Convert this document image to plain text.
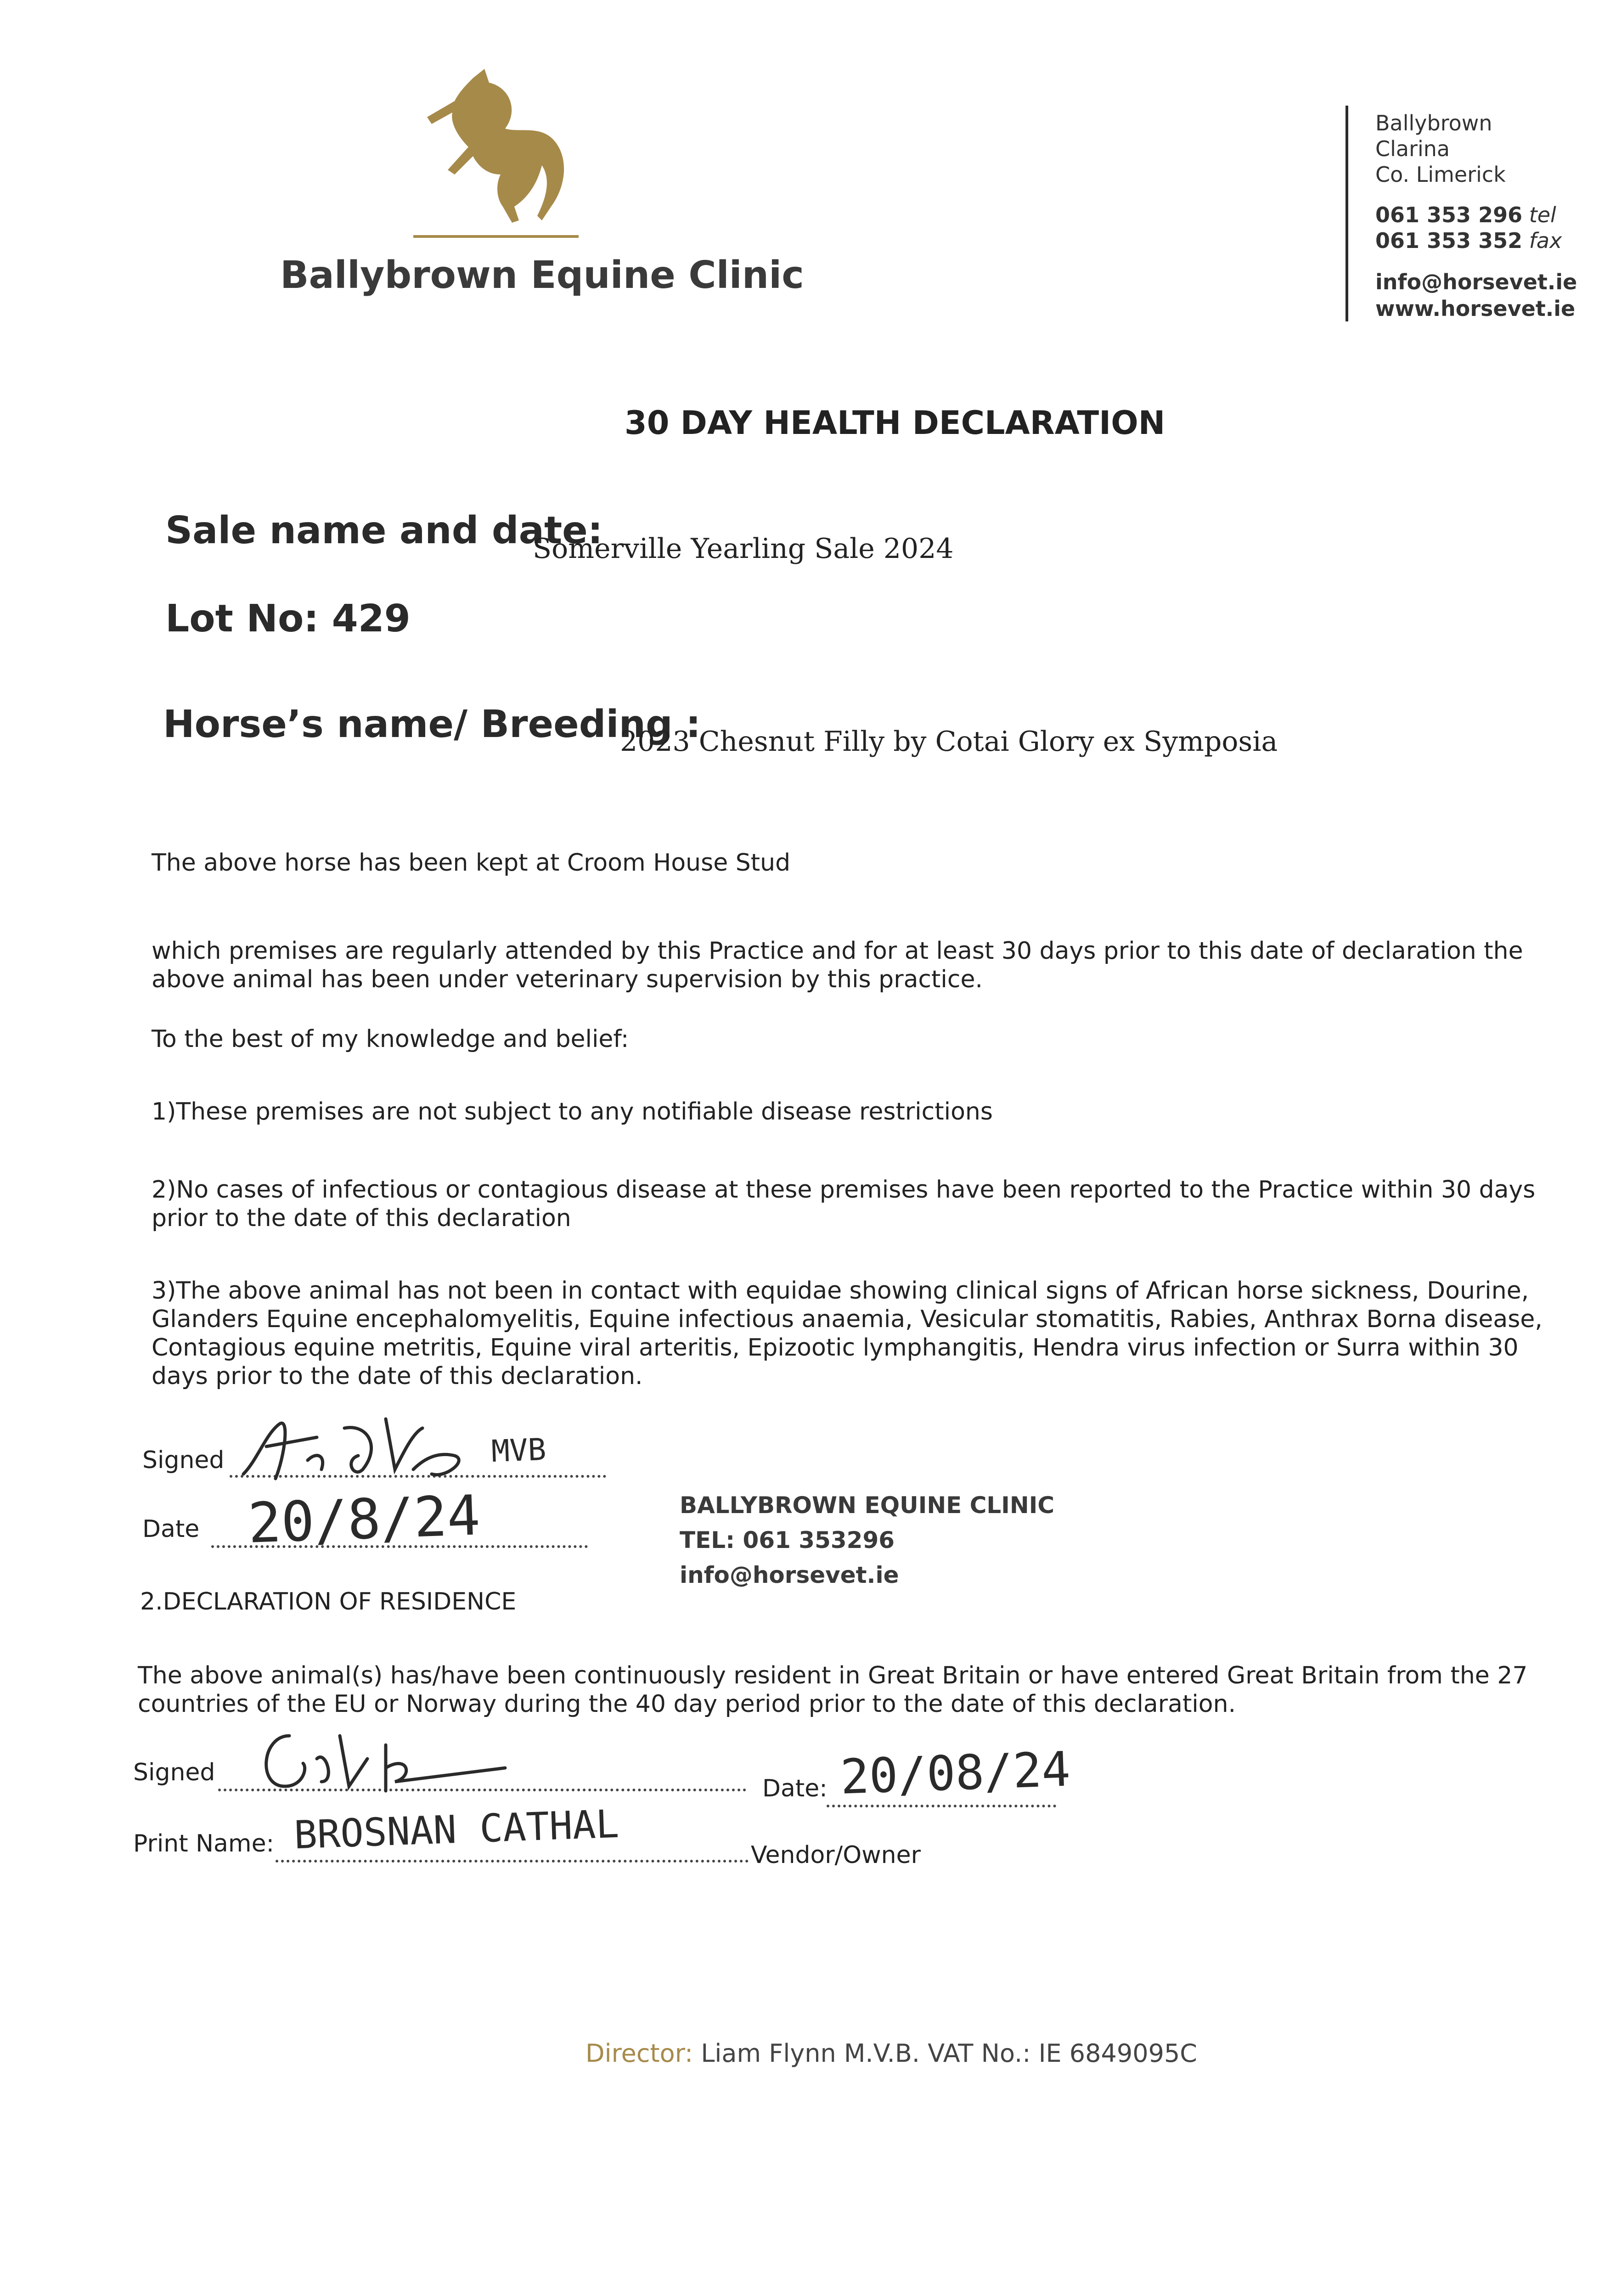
Ballybrown Equine Clinic
Ballybrown
Clarina
Co. Limerick
061 353 296 tel
061 353 352 fax
info@horsevet.ie
www.horsevet.ie
30 DAY HEALTH DECLARATION
Sale name and date:
Somerville Yearling Sale 2024
Lot No: 429
Horse’s name/ Breeding :
2023 Chesnut Filly by Cotai Glory ex Symposia
The above horse has been kept at Croom House Stud
which premises are regularly attended by this Practice and for at least 30 days prior to this date of declaration the
above animal has been under veterinary supervision by this practice.
To the best of my knowledge and belief:
1)These premises are not subject to any notifiable disease restrictions
2)No cases of infectious or contagious disease at these premises have been reported to the Practice within 30 days
prior to the date of this declaration
3)The above animal has not been in contact with equidae showing clinical signs of African horse sickness, Dourine,
Glanders Equine encephalomyelitis, Equine infectious anaemia, Vesicular stomatitis, Rabies, Anthrax Borna disease,
Contagious equine metritis, Equine viral arteritis, Epizootic lymphangitis, Hendra virus infection or Surra within 30
days prior to the date of this declaration.
Signed	MVB
Date 20/8/24	BALLYBROWN EQUINE CLINIC
TEL: 061 353296
info@horsevet.ie
2.DECLARATION OF RESIDENCE
The above animal(s) has/have been continuously resident in Great Britain or have entered Great Britain from the 27
countries of the EU or Norway during the 40 day period prior to the date of this declaration.
Signed
Date: 20/08/24
Print Name: BROSNAN CATHAL	Vendor/Owner
Director: Liam Flynn M.V.B. VAT No.: IE 6849095C
